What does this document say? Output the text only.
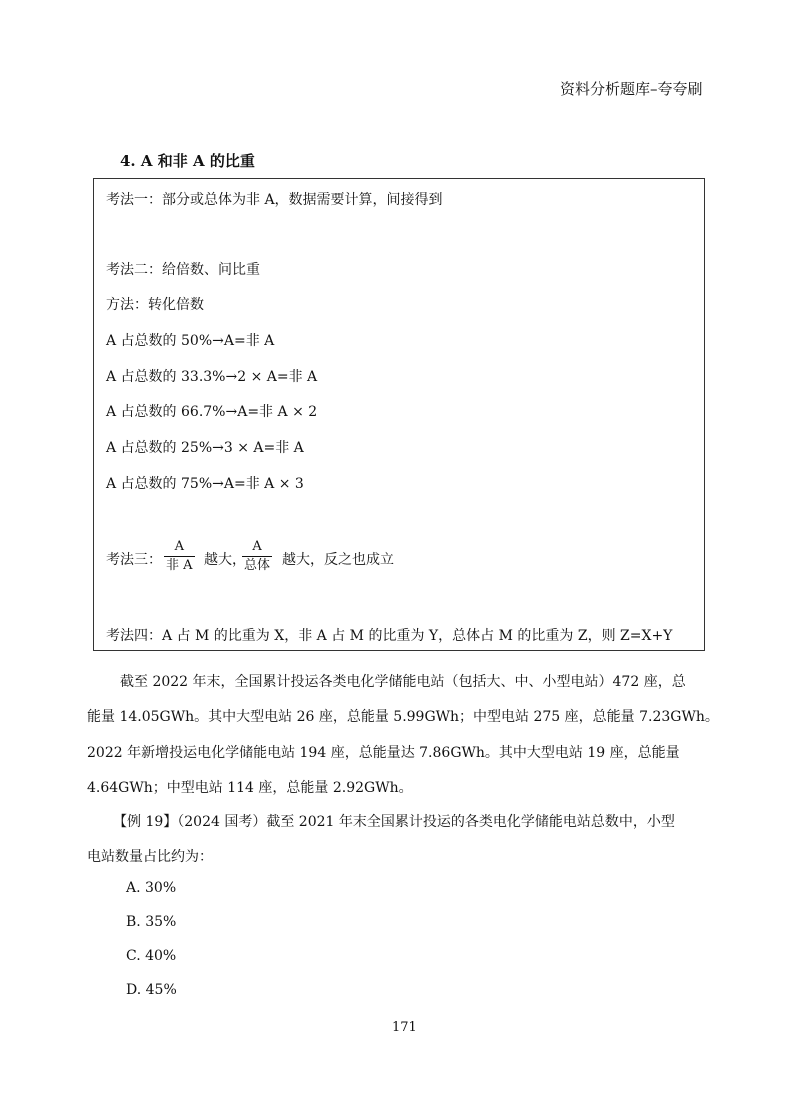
资料分析题库–夸夸刷
4. A 和非 A 的比重
考法一：部分或总体为非 A，数据需要计算，间接得到
考法二：给倍数、问比重
方法：转化倍数
A 占总数的 50%→A=非 A
A 占总数的 33.3%→2 × A=非 A
A 占总数的 66.7%→A=非 A × 2
A 占总数的 25%→3 × A=非 A
A 占总数的 75%→A=非 A × 3
考法三：
A
非 A 越大，
A
总体 越大，反之也成立
考法四：A 占 M 的比重为 X，非 A 占 M 的比重为 Y，总体占 M 的比重为 Z，则 Z=X+Y
截至 2022 年末，全国累计投运各类电化学储能电站（包括大、中、小型电站）472 座，总
能量 14.05GWh。其中大型电站 26 座，总能量 5.99GWh；中型电站 275 座，总能量 7.23GWh。
2022 年新增投运电化学储能电站 194 座，总能量达 7.86GWh。其中大型电站 19 座，总能量
4.64GWh；中型电站 114 座，总能量 2.92GWh。
【例 19】（2024 国考）截至 2021 年末全国累计投运的各类电化学储能电站总数中，小型
电站数量占比约为：
A. 30%
B. 35%
C. 40%
D. 45%
171
